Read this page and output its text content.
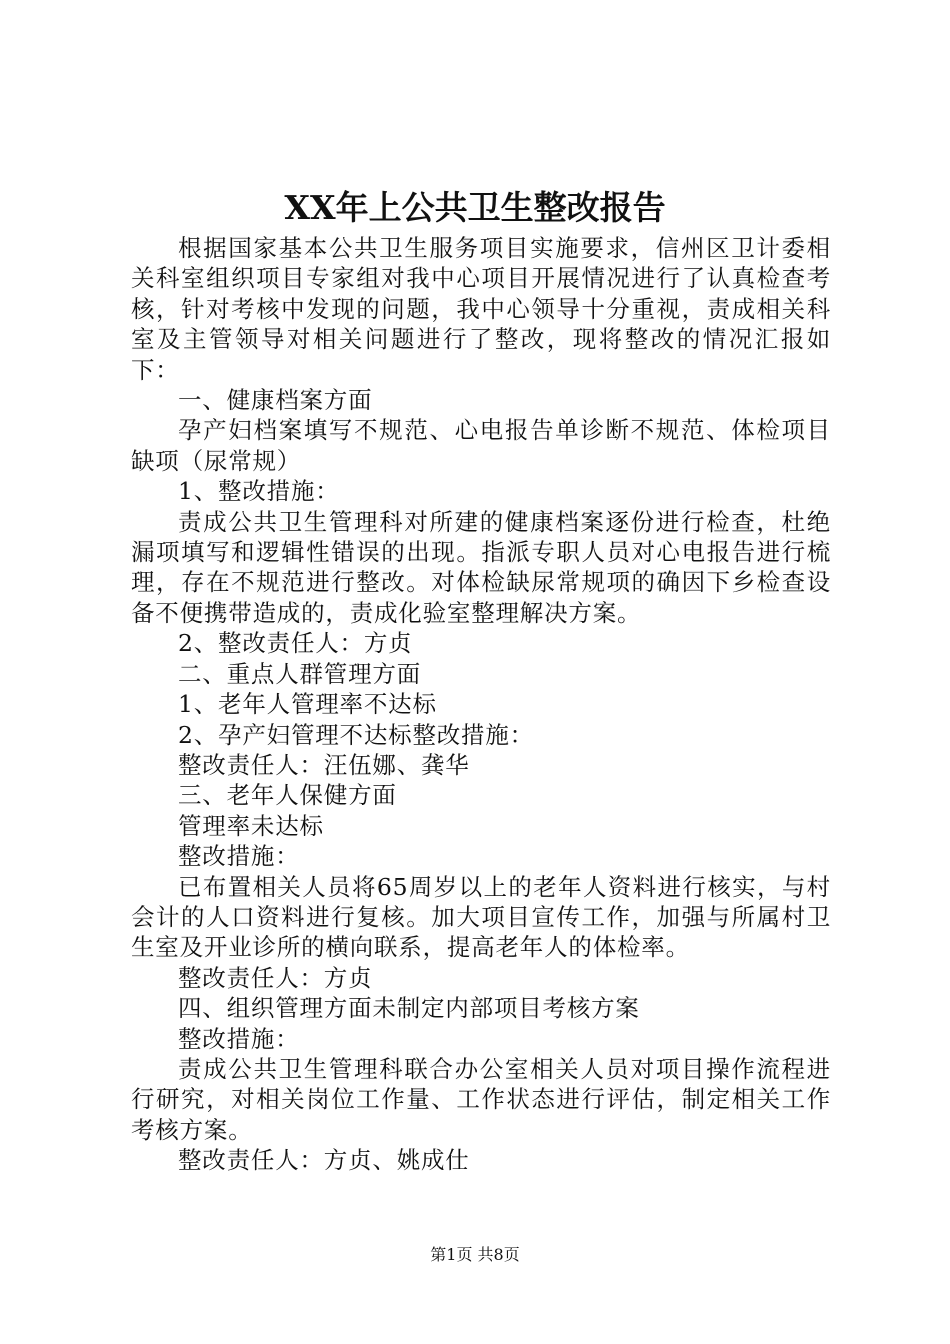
XX年上公共卫生整改报告

根据国家基本公共卫生服务项目实施要求，信州区卫计委相关科室组织项目专家组对我中心项目开展情况进行了认真检查考核，针对考核中发现的问题，我中心领导十分重视，责成相关科室及主管领导对相关问题进行了整改，现将整改的情况汇报如下：

一、健康档案方面

孕产妇档案填写不规范、心电报告单诊断不规范、体检项目缺项（尿常规）

1、整改措施：

责成公共卫生管理科对所建的健康档案逐份进行检查，杜绝漏项填写和逻辑性错误的出现。指派专职人员对心电报告进行梳理，存在不规范进行整改。对体检缺尿常规项的确因下乡检查设备不便携带造成的，责成化验室整理解决方案。

2、整改责任人：方贞

二、重点人群管理方面

1、老年人管理率不达标

2、孕产妇管理不达标整改措施：

整改责任人：汪伍娜、龚华

三、老年人保健方面

管理率未达标

整改措施：

已布置相关人员将65周岁以上的老年人资料进行核实，与村会计的人口资料进行复核。加大项目宣传工作，加强与所属村卫生室及开业诊所的横向联系，提高老年人的体检率。

整改责任人：方贞

四、组织管理方面未制定内部项目考核方案

整改措施：

责成公共卫生管理科联合办公室相关人员对项目操作流程进行研究，对相关岗位工作量、工作状态进行评估，制定相关工作考核方案。

整改责任人：方贞、姚成仕

第1页 共8页
